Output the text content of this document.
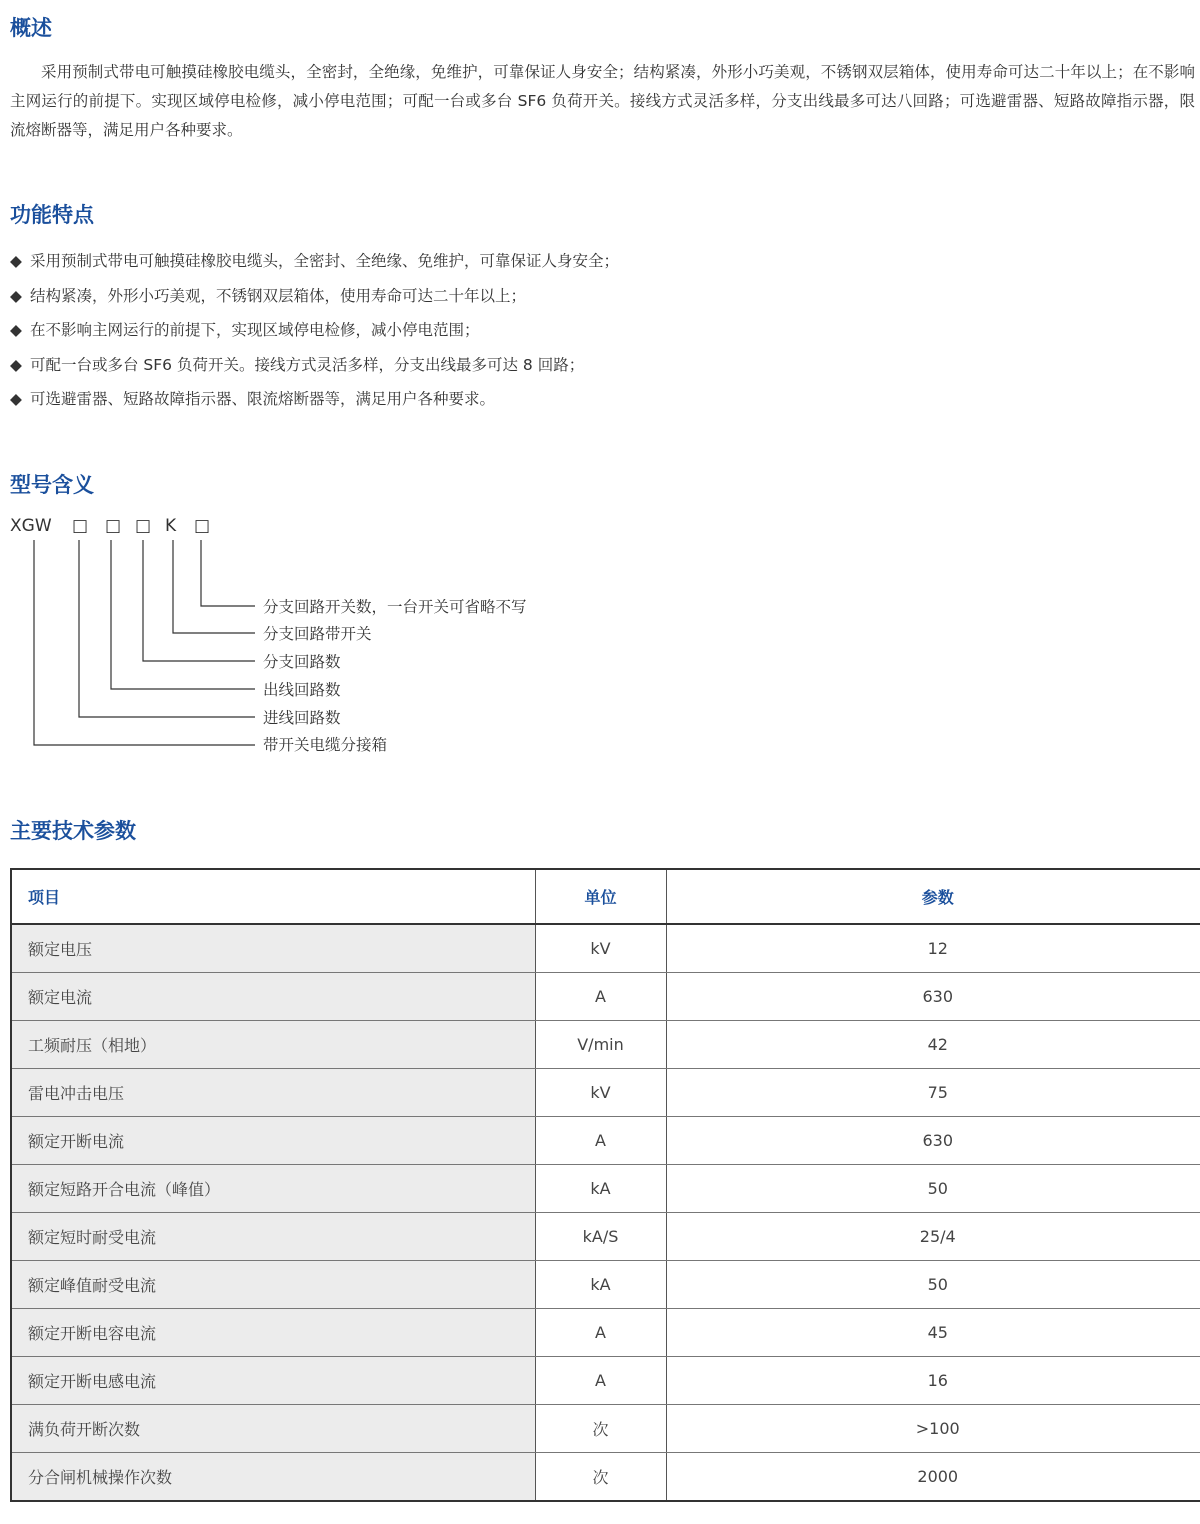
概述

采用预制式带电可触摸硅橡胶电缆头，全密封，全绝缘，免维护，可靠保证人身安全；结构紧凑，外形小巧美观，不锈钢双层箱体，使用寿命可达二十年以上；在不影响主网运行的前提下。实现区域停电检修，减小停电范围；可配一台或多台 SF6 负荷开关。接线方式灵活多样，分支出线最多可达八回路；可选避雷器、短路故障指示器，限流熔断器等，满足用户各种要求。

功能特点
◆ 采用预制式带电可触摸硅橡胶电缆头，全密封、全绝缘、免维护，可靠保证人身安全；
◆ 结构紧凑，外形小巧美观，不锈钢双层箱体，使用寿命可达二十年以上；
◆ 在不影响主网运行的前提下，实现区域停电检修，减小停电范围；
◆ 可配一台或多台 SF6 负荷开关。接线方式灵活多样，分支出线最多可达 8 回路；
◆ 可选避雷器、短路故障指示器、限流熔断器等，满足用户各种要求。
型号含义
XGW □ □ □ K □
分支回路开关数，一台开关可省略不写
分支回路带开关
分支回路数
出线回路数
进线回路数
带开关电缆分接箱
主要技术参数
项目	单位	参数
额定电压	kV	12
额定电流	A	630
工频耐压（相地）	V/min	42
雷电冲击电压	kV	75
额定开断电流	A	630
额定短路开合电流（峰值）	kA	50
额定短时耐受电流	kA/S	25/4
额定峰值耐受电流	kA	50
额定开断电容电流	A	45
额定开断电感电流	A	16
满负荷开断次数	次	>100
分合闸机械操作次数	次	2000
